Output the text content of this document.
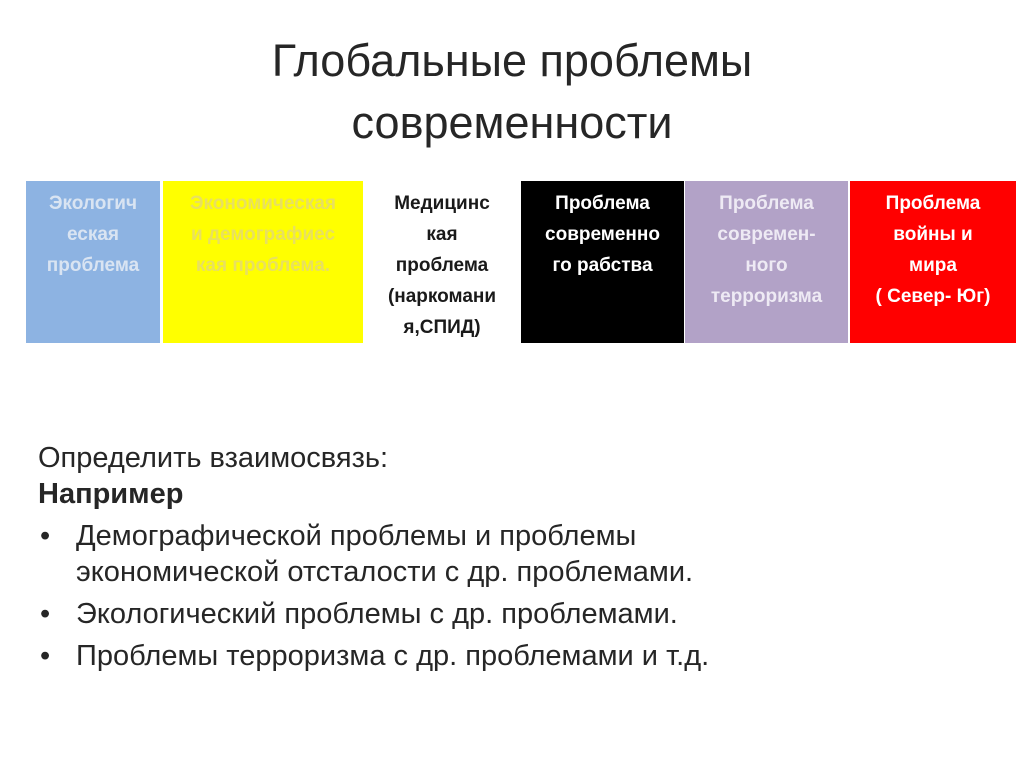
Глобальные проблемы
современности
Экологич
еская
проблема
Экономическая
и демографиес
кая проблема.
Медицинс
кая
проблема
(наркомани
я,СПИД)
Проблема
современно
го рабства
Проблема
современ-
ного
терроризма
Проблема
войны и
мира
( Север- Юг)

Определить взаимосвязь:

Например

• Демографической проблемы и проблемы
экономической отсталости с др. проблемами.
• Экологический проблемы с др. проблемами.
• Проблемы терроризма с др. проблемами и т.д.
